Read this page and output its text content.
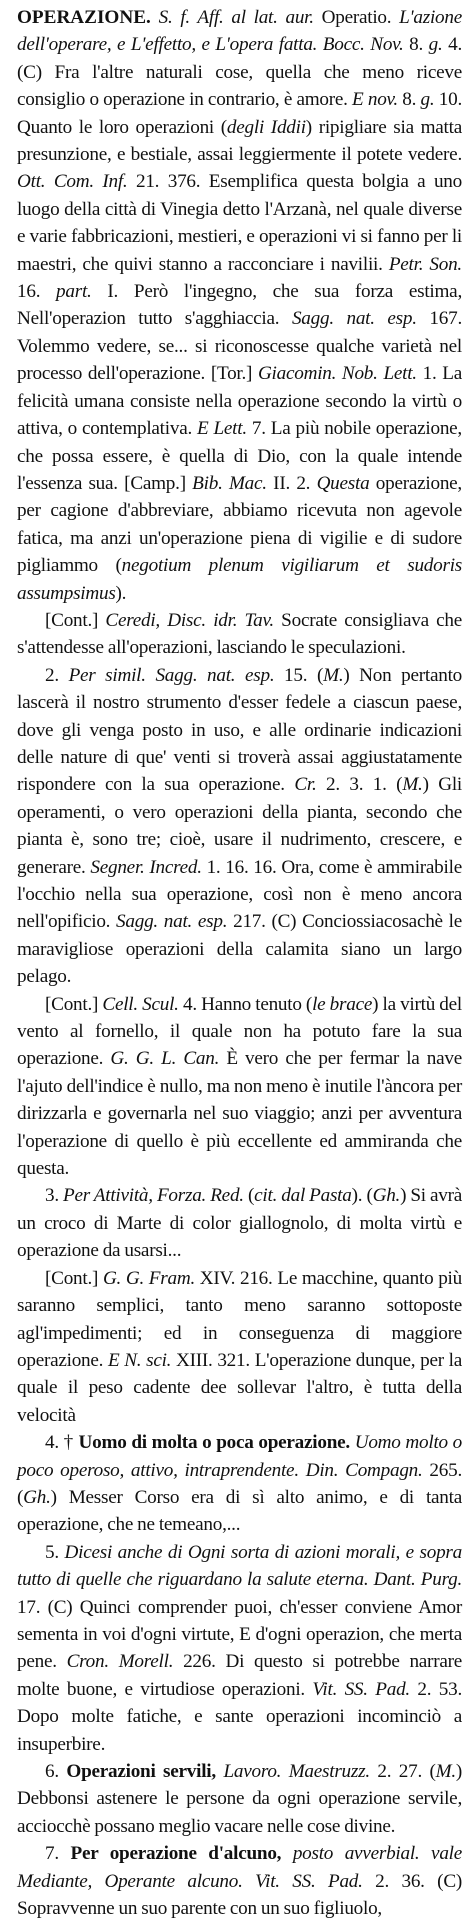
OPERAZIONE. S. f. Aff. al lat. aur. Operatio. L'azione dell'operare, e L'effetto, e L'opera fatta. Bocc. Nov. 8. g. 4. (C) Fra l'altre naturali cose, quella che meno riceve consiglio o operazione in contrario, è amore. E nov. 8. g. 10. Quanto le loro operazioni (degli Iddii) ripigliare sia matta presunzione, e bestiale, assai leggiermente il potete vedere. Ott. Com. Inf. 21. 376. Esemplifica questa bolgia a uno luogo della città di Vinegia detto l'Arzanà, nel quale diverse e varie fabbricazioni, mestieri, e operazioni vi si fanno per li maestri, che quivi stanno a racconciare i navilii. Petr. Son. 16. part. I. Però l'ingegno, che sua forza estima, Nell'operazion tutto s'agghiaccia. Sagg. nat. esp. 167. Volemmo vedere, se... si riconoscesse qualche varietà nel processo dell'operazione. [Tor.] Giacomin. Nob. Lett. 1. La felicità umana consiste nella operazione secondo la virtù o attiva, o contemplativa. E Lett. 7. La più nobile operazione, che possa essere, è quella di Dio, con la quale intende l'essenza sua. [Camp.] Bib. Mac. II. 2. Questa operazione, per cagione d'abbreviare, abbiamo ricevuta non agevole fatica, ma anzi un'operazione piena di vigilie e di sudore pigliammo (negotium plenum vigiliarum et sudoris assumpsimus).

[Cont.] Ceredi, Disc. idr. Tav. Socrate consigliava che s'attendesse all'operazioni, lasciando le speculazioni.

2. Per simil. Sagg. nat. esp. 15. (M.) Non pertanto lascerà il nostro strumento d'esser fedele a ciascun paese, dove gli venga posto in uso, e alle ordinarie indicazioni delle nature di que' venti si troverà assai aggiustatamente rispondere con la sua operazione. Cr. 2. 3. 1. (M.) Gli operamenti, o vero operazioni della pianta, secondo che pianta è, sono tre; cioè, usare il nudrimento, crescere, e generare. Segner. Incred. 1. 16. 16. Ora, come è ammirabile l'occhio nella sua operazione, così non è meno ancora nell'opificio. Sagg. nat. esp. 217. (C) Conciossiacosachè le maravigliose operazioni della calamita siano un largo pelago.

[Cont.] Cell. Scul. 4. Hanno tenuto (le brace) la virtù del vento al fornello, il quale non ha potuto fare la sua operazione. G. G. L. Can. È vero che per fermar la nave l'ajuto dell'indice è nullo, ma non meno è inutile l'àncora per dirizzarla e governarla nel suo viaggio; anzi per avventura l'operazione di quello è più eccellente ed ammiranda che questa.

3. Per Attività, Forza. Red. (cit. dal Pasta). (Gh.) Si avrà un croco di Marte di color giallognolo, di molta virtù e operazione da usarsi...

[Cont.] G. G. Fram. XIV. 216. Le macchine, quanto più saranno semplici, tanto meno saranno sottoposte agl'impedimenti; ed in conseguenza di maggiore operazione. E N. sci. XIII. 321. L'operazione dunque, per la quale il peso cadente dee sollevar l'altro, è tutta della velocità

4. † Uomo di molta o poca operazione. Uomo molto o poco operoso, attivo, intraprendente. Din. Compagn. 265. (Gh.) Messer Corso era di sì alto animo, e di tanta operazione, che ne temeano,...

5. Dicesi anche di Ogni sorta di azioni morali, e sopra tutto di quelle che riguardano la salute eterna. Dant. Purg. 17. (C) Quinci comprender puoi, ch'esser conviene Amor sementa in voi d'ogni virtute, E d'ogni operazion, che merta pene. Cron. Morell. 226. Di questo si potrebbe narrare molte buone, e virtudiose operazioni. Vit. SS. Pad. 2. 53. Dopo molte fatiche, e sante operazioni incominciò a insuperbire.

6. Operazioni servili, Lavoro. Maestruzz. 2. 27. (M.) Debbonsi astenere le persone da ogni operazione servile, acciocchè possano meglio vacare nelle cose divine.

7. Per operazione d'alcuno, posto avverbial. vale Mediante, Operante alcuno. Vit. SS. Pad. 2. 36. (C) Sopravvenne un suo parente con un suo figliuolo,
